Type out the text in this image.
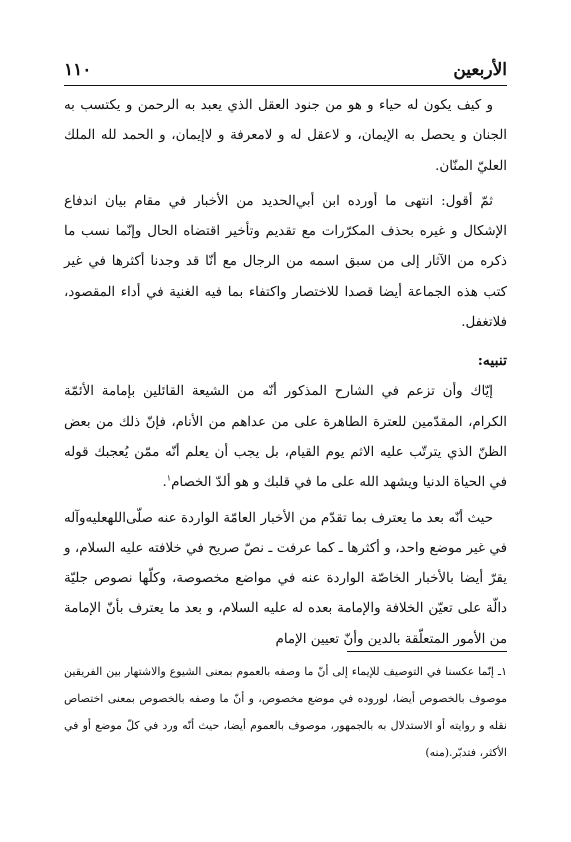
الأربعين
١١٠

و كيف يكون له حياء و هو من جنود العقل الذي يعبد به الرحمن و يكتسب به الجنان و يحصل به الإيمان، و لاعقل له و لامعرفة و لاإيمان، و الحمد لله الملك العليّ المنّان.

ثمّ أقول: انتهى ما أورده ابن أبي‌الحديد من الأخبار في مقام بيان اندفاع الإشكال و غيره بحذف المكرّرات مع تقديم وتأخير اقتضاه الحال وإنّما نسب ما ذكره من الآثار إلى من سبق اسمه من الرجال مع أنّا قد وجدنا أكثرها في غير كتب هذه الجماعة أيضا قصدا للاختصار واكتفاء بما فيه الغنية في أداء المقصود، فلاتغفل.

تنبيه:

إيّاك وأن تزعم في الشارح المذكور أنّه من الشيعة القائلين بإمامة الأئمّة الكرام، المقدّمين للعترة الطاهرة على من عداهم من الأنام، فإنّ ذلك من بعض الظنّ الذي يترتّب عليه الاثم يوم القيام، بل يجب أن يعلم أنّه ممّن يُعجبك قوله في الحياة الدنيا ويشهد الله على ما في قلبك و هو ألدّ الخصام$^١$.

حيث أنّه بعد ما يعترف بما تقدّم من الأخبار العامّة الواردة عنه صلّى‌اللهعليه‌وآله في غير موضع واحد، و أكثرها ـ كما عرفت ـ نصّ صريح في خلافته عليه السلام، و يقرّ أيضا بالأخبار الخاصّة الواردة عنه في مواضع مخصوصة، وكلّها نصوص جليّة دالّة على تعيّن الخلافة والإمامة بعده له عليه السلام، و بعد ما يعترف بأنّ الإمامة من الأمور المتعلّقة بالدين وأنّ تعيين الإمام

١ـ إنّما عكسنا في التوصيف للإيماء إلى أنّ ما وصفه بالعموم بمعنى الشيوع والاشتهار بين الفريقين موصوف بالخصوص أيضا، لوروده في موضع مخصوص، و أنّ ما وصفه بالخصوص بمعنى اختصاص نقله و روايته أو الاستدلال به بالجمهور، موصوف بالعموم أيضا، حيث أنّه ورد في كلّ موضع أو في الأكثر، فتدبّر.(منه)
